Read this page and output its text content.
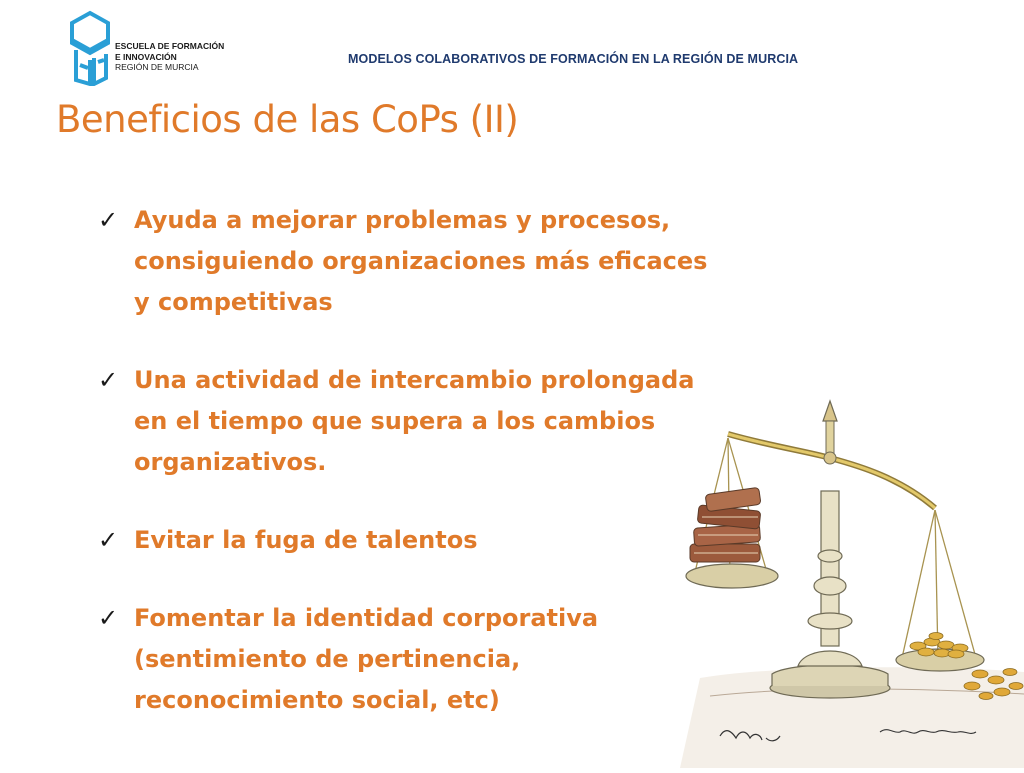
ESCUELA DE FORMACIÓN
E INNOVACIÓN
REGIÓN DE MURCIA
MODELOS COLABORATIVOS DE FORMACIÓN EN LA REGIÓN DE MURCIA
Beneficios de las CoPs (II)
✓ Ayuda a mejorar problemas y procesos,
consiguiendo organizaciones más eficaces
y competitivas
✓ Una actividad de intercambio prolongada
en el tiempo que supera a los cambios
organizativos.
✓ Evitar la fuga de talentos
✓ Fomentar la identidad corporativa
(sentimiento de pertinencia,
reconocimiento social, etc)
